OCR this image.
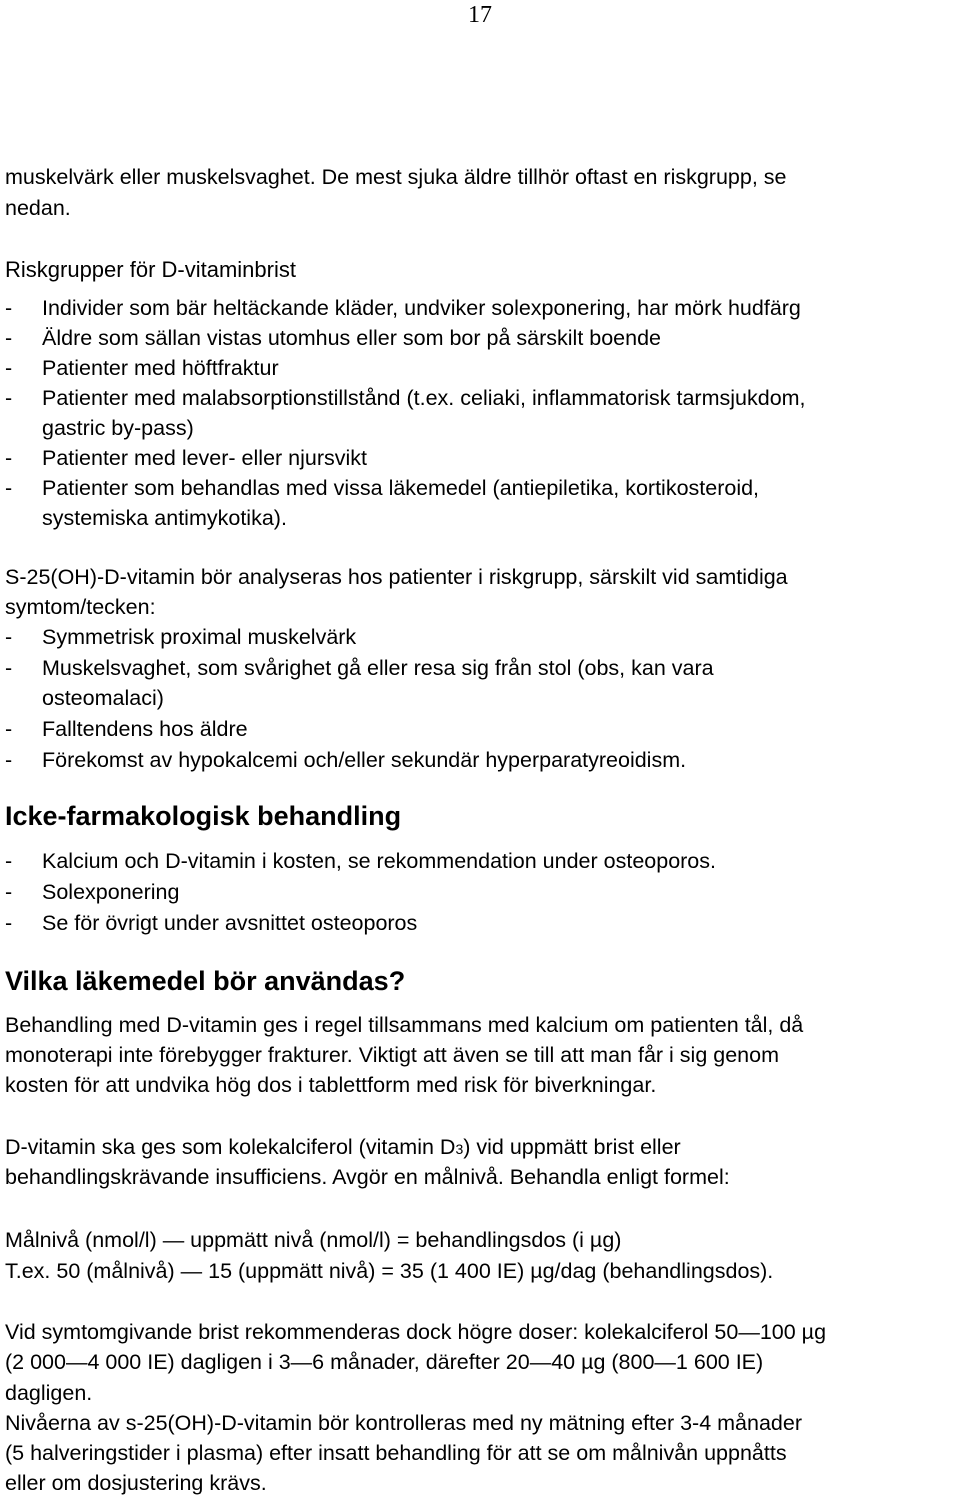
17
muskelvärk eller muskelsvaghet. De mest sjuka äldre tillhör oftast en riskgrupp, se
nedan.
Riskgrupper för D-vitaminbrist
- Individer som bär heltäckande kläder, undviker solexponering, har mörk hudfärg
- Äldre som sällan vistas utomhus eller som bor på särskilt boende
- Patienter med höftfraktur
- Patienter med malabsorptionstillstånd (t.ex. celiaki, inflammatorisk tarmsjukdom,
gastric by-pass)
- Patienter med lever- eller njursvikt
- Patienter som behandlas med vissa läkemedel (antiepiletika, kortikosteroid,
systemiska antimykotika).
S-25(OH)-D-vitamin bör analyseras hos patienter i riskgrupp, särskilt vid samtidiga
symtom/tecken:
- Symmetrisk proximal muskelvärk
- Muskelsvaghet, som svårighet gå eller resa sig från stol (obs, kan vara
osteomalaci)
- Falltendens hos äldre
- Förekomst av hypokalcemi och/eller sekundär hyperparatyreoidism.
Icke-farmakologisk behandling
- Kalcium och D-vitamin i kosten, se rekommendation under osteoporos.
- Solexponering
- Se för övrigt under avsnittet osteoporos
Vilka läkemedel bör användas?
Behandling med D-vitamin ges i regel tillsammans med kalcium om patienten tål, då
monoterapi inte förebygger frakturer. Viktigt att även se till att man får i sig genom
kosten för att undvika hög dos i tablettform med risk för biverkningar.
D-vitamin ska ges som kolekalciferol (vitamin D3) vid uppmätt brist eller
behandlingskrävande insufficiens. Avgör en målnivå. Behandla enligt formel:
Målnivå (nmol/l) — uppmätt nivå (nmol/l) = behandlingsdos (i µg)
T.ex. 50 (målnivå) — 15 (uppmätt nivå) = 35 (1 400 IE) µg/dag (behandlingsdos).
Vid symtomgivande brist rekommenderas dock högre doser: kolekalciferol 50—100 µg
(2 000—4 000 IE) dagligen i 3—6 månader, därefter 20—40 µg (800—1 600 IE)
dagligen.
Nivåerna av s-25(OH)-D-vitamin bör kontrolleras med ny mätning efter 3-4 månader
(5 halveringstider i plasma) efter insatt behandling för att se om målnivån uppnåtts
eller om dosjustering krävs.
